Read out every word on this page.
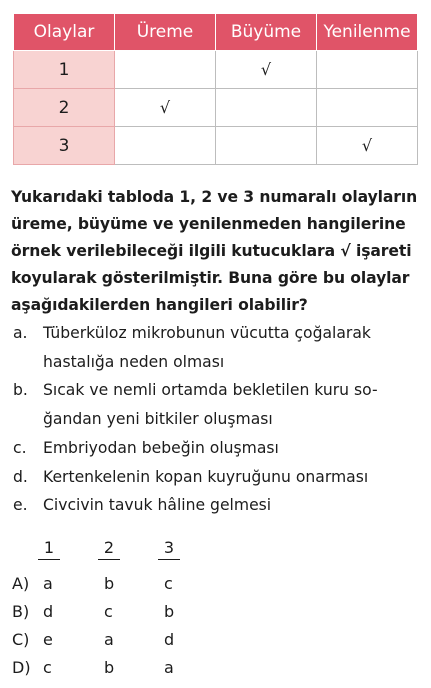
Olaylar	Üreme	Büyüme	Yenilenme
1		√	
2	√		
3			√
Yukarıdaki tabloda 1, 2 ve 3 numaralı olayların
üreme, büyüme ve yenilenmeden hangilerine
örnek verilebileceği ilgili kutucuklara √ işareti
koyularak gösterilmiştir. Buna göre bu olaylar
aşağıdakilerden hangileri olabilir?
a. Tüberküloz mikrobunun vücutta çoğalarak
hastalığa neden olması
b. Sıcak ve nemli ortamda bekletilen kuru so-
ğandan yeni bitkiler oluşması
c.	Embriyodan bebeğin oluşması
d. Kertenkelenin kopan kuyruğunu onarması
e. Civcivin tavuk hâline gelmesi
1	2	3
A) a	b	c
B) d	c	b
C) e	a	d
D) c	b	a
